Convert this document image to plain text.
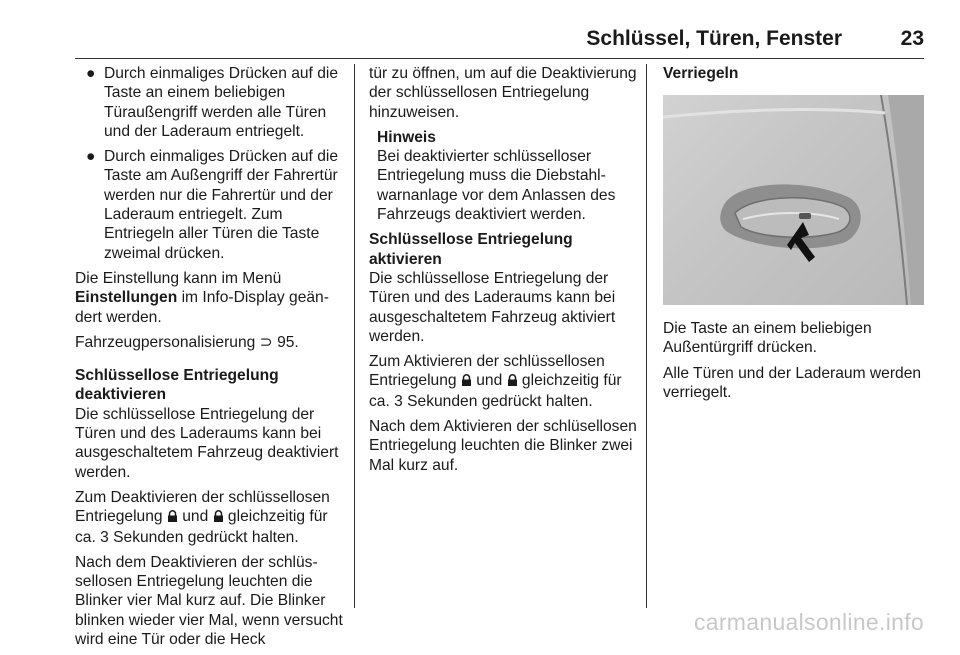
Schlüssel, Türen, Fenster	23
● Durch einmaliges Drücken auf die Taste an einem beliebigen Türaußengriff werden alle Türen und der Laderaum entriegelt.
● Durch einmaliges Drücken auf die Taste am Außengriff der Fahrertür werden nur die Fahrertür und der Laderaum entriegelt. Zum Entriegeln aller Türen die Taste zweimal drücken.

Die Einstellung kann im Menü Einstellungen im Info-Display geändert werden.

Fahrzeugpersonalisierung ⊃ 95.

Schlüssellose Entriegelung deaktivieren

Die schlüssellose Entriegelung der Türen und des Laderaums kann bei ausgeschaltetem Fahrzeug deaktiviert werden.

Zum Deaktivieren der schlüssellosen Entriegelung  und  gleichzeitig für ca. 3 Sekunden gedrückt halten.

Nach dem Deaktivieren der schlüssellosen Entriegelung leuchten die Blinker vier Mal kurz auf. Die Blinker blinken wieder vier Mal, wenn versucht wird eine Tür oder die Heck

tür zu öffnen, um auf die Deaktivierung der schlüssellosen Entriegelung hinzuweisen.

Hinweis

Bei deaktivierter schlüsselloser Entriegelung muss die Diebstahlwarnanlage vor dem Anlassen des Fahrzeugs deaktiviert werden.

Schlüssellose Entriegelung aktivieren

Die schlüssellose Entriegelung der Türen und des Laderaums kann bei ausgeschaltetem Fahrzeug aktiviert werden.

Zum Aktivieren der schlüssellosen Entriegelung  und  gleichzeitig für ca. 3 Sekunden gedrückt halten.

Nach dem Aktivieren der schlüsellosen Entriegelung leuchten die Blinker zwei Mal kurz auf.

Verriegeln

Die Taste an einem beliebigen Außentürgriff drücken.

Alle Türen und der Laderaum werden verriegelt.

carmanualsonline.info
